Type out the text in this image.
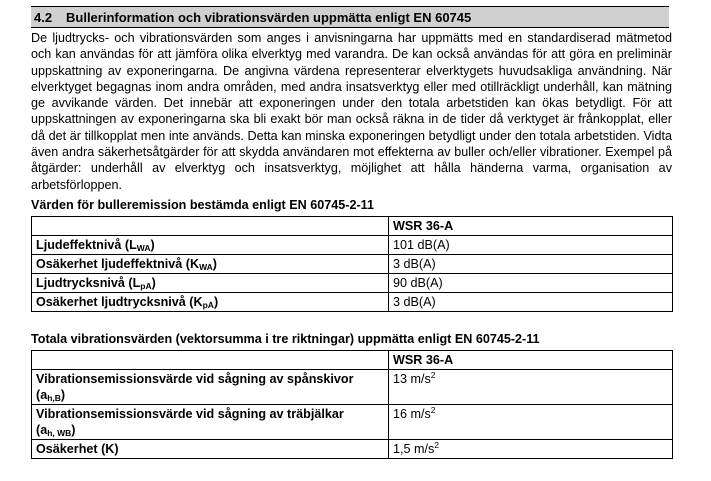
4.2	Bullerinformation och vibrationsvärden uppmätta enligt EN 60745
De ljudtrycks- och vibrationsvärden som anges i anvisningarna har uppmätts med en standardiserad mätmetod och kan användas för att jämföra olika elverktyg med varandra. De kan också användas för att göra en preliminär uppskattning av exponeringarna. De angivna värdena representerar elverktygets huvudsakliga användning. När elverktyget begagnas inom andra områden, med andra insatsverktyg eller med otillräckligt underhåll, kan mätning ge avvikande värden. Det innebär att exponeringen under den totala arbetstiden kan ökas betydligt. För att uppskattningen av exponeringarna ska bli exakt bör man också räkna in de tider då verktyget är frånkopplat, eller då det är tillkopplat men inte används. Detta kan minska exponeringen betydligt under den totala arbetstiden. Vidta även andra säkerhetsåtgärder för att skydda användaren mot effekterna av buller och/eller vibrationer. Exempel på åtgärder: underhåll av elverktyg och insatsverktyg, möjlighet att hålla händerna varma, organisation av arbetsförloppen.
Värden för bulleremission bestämda enligt EN 60745-2-11
	WSR 36-A
Ljudeffektnivå $(L_{WA})$	101 dB(A)
Osäkerhet ljudeffektnivå $(K_{WA})$	3 dB(A)
Ljudtrycksnivå $(L_{pA})$	90 dB(A)
Osäkerhet ljudtrycksnivå $(K_{pA})$	3 dB(A)
Totala vibrationsvärden (vektorsumma i tre riktningar) uppmätta enligt EN 60745-2-11
	WSR 36-A
Vibrationsemissionsvärde vid sågning av spånskivor
$(a_{h,B})$	13 $m/s^2$
Vibrationsemissionsvärde vid sågning av träbjälkar
$(a_{h, WB})$	16 $m/s^2$
Osäkerhet (K)	1,5 $m/s^2$
